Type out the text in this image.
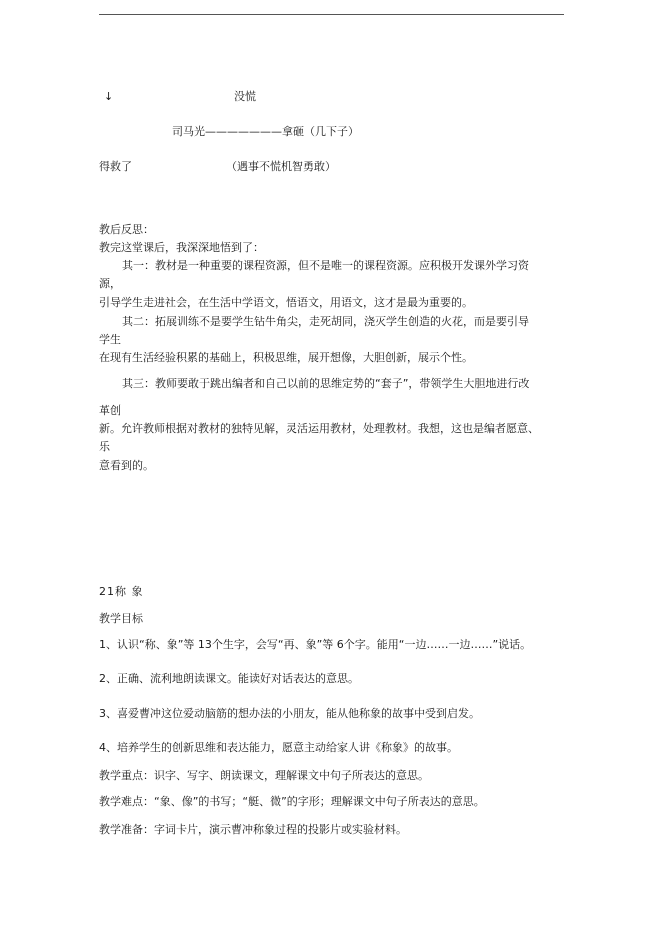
↓	没慌
司马光———————拿砸（几下子）
得救了	（遇事不慌机智勇敢）
教后反思：
教完这堂课后，我深深地悟到了：
其一：教材是一种重要的课程资源，但不是唯一的课程资源。应积极开发课外学习资
源，
引导学生走进社会，在生活中学语文，悟语文，用语文，这才是最为重要的。
其二：拓展训练不是要学生钻牛角尖，走死胡同，浇灭学生创造的火花，而是要引导
学生
在现有生活经验积累的基础上，积极思维，展开想像，大胆创新，展示个性。
其三：教师要敢于跳出编者和自己以前的思维定势的“套子”，带领学生大胆地进行改
革创
新。允许教师根据对教材的独特见解，灵活运用教材，处理教材。我想，这也是编者愿意、
乐
意看到的。
21称 象
教学目标
1、认识“称、象”等 13个生字，会写“再、象”等 6个字。能用“一边……一边……”说话。
2、正确、流利地朗读课文。能读好对话表达的意思。
3、喜爱曹冲这位爱动脑筋的想办法的小朋友，能从他称象的故事中受到启发。
4、培养学生的创新思维和表达能力，愿意主动给家人讲《称象》的故事。
教学重点：识字、写字、朗读课文，理解课文中句子所表达的意思。
教学难点：“象、像”的书写；“艇、微”的字形；理解课文中句子所表达的意思。
教学准备：字词卡片，演示曹冲称象过程的投影片或实验材料。
